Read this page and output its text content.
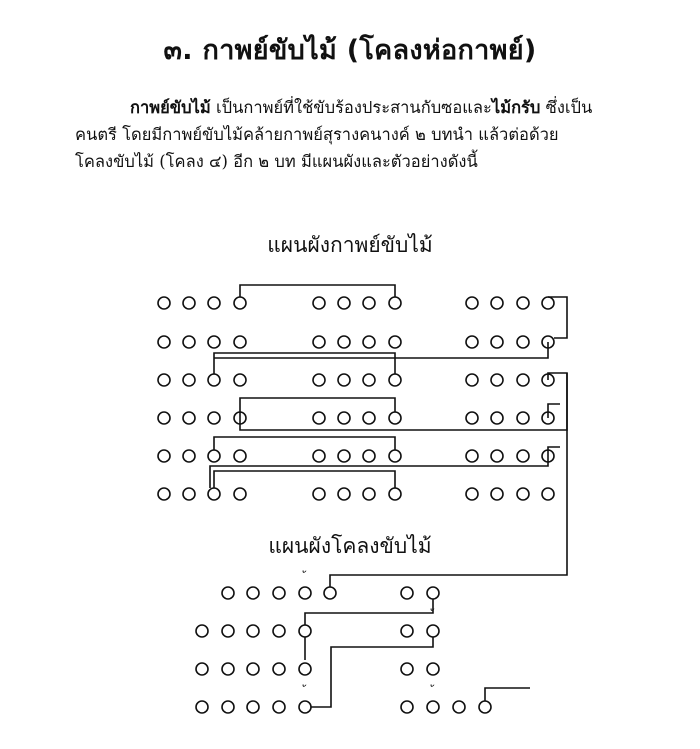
๓. กาพย์ขับไม้ (โคลงห่อกาพย์)
กาพย์ขับไม้ เป็นกาพย์ที่ใช้ขับร้องประสานกับซอและไม้กรับ ซึ่งเป็น
คนตรี โดยมีกาพย์ขับไม้คล้ายกาพย์สุรางคนางค์ ๒ บทนำ แล้วต่อด้วย
โคลงขับไม้ (โคลง ๔) อีก ๒ บท มีแผนผังและตัวอย่างดังนี้
แผนผังกาพย์ขับไม้
แผนผังโคลงขับไม้
